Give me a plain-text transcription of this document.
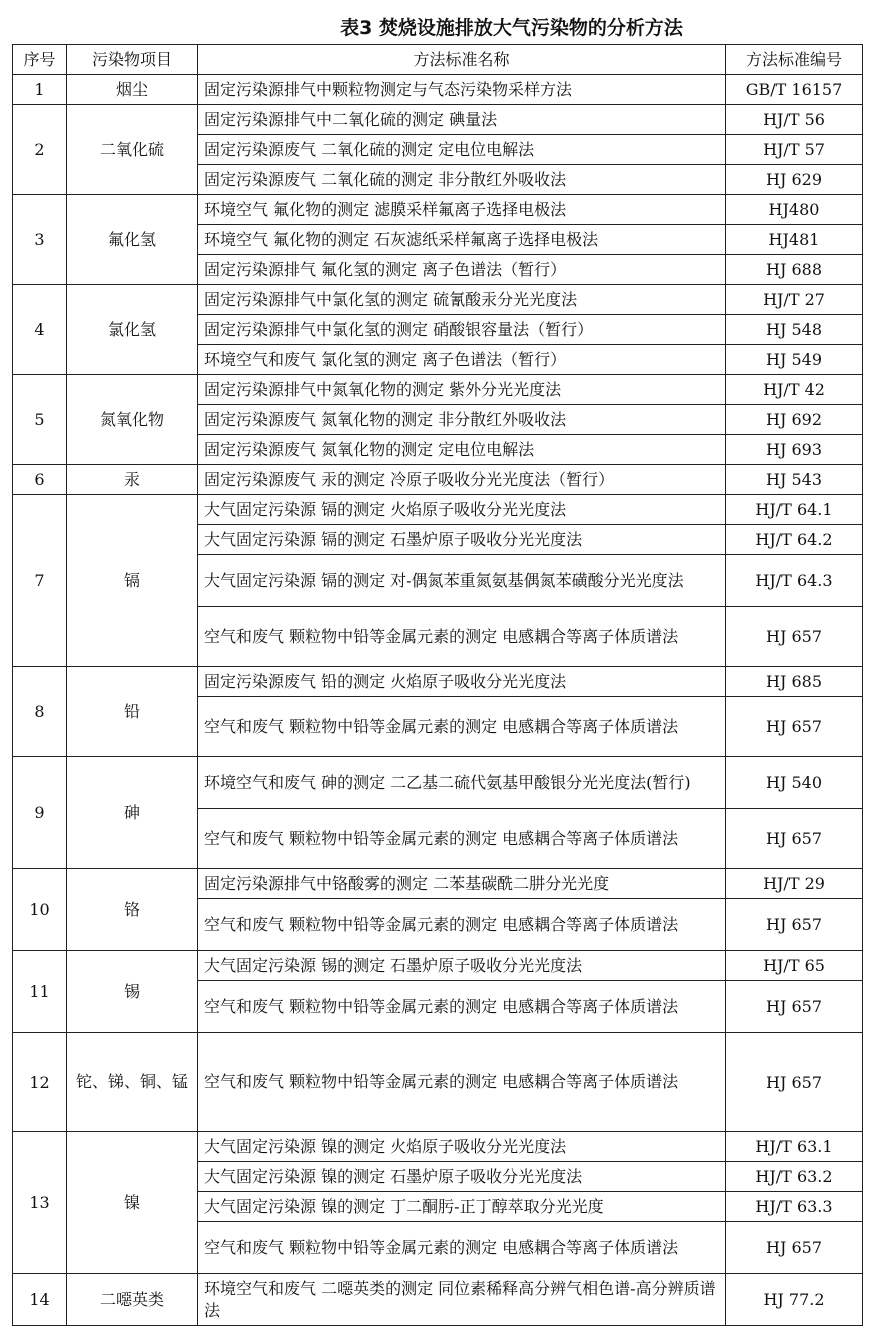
表3 焚烧设施排放大气污染物的分析方法
序号	污染物项目	方法标准名称	方法标准编号
1	烟尘	固定污染源排气中颗粒物测定与气态污染物采样方法	GB/T 16157
2	二氧化硫	固定污染源排气中二氧化硫的测定 碘量法	HJ/T 56
		固定污染源废气 二氧化硫的测定 定电位电解法	HJ/T 57
		固定污染源废气 二氧化硫的测定 非分散红外吸收法	HJ 629
3	氟化氢	环境空气 氟化物的测定 滤膜采样氟离子选择电极法	HJ480
		环境空气 氟化物的测定 石灰滤纸采样氟离子选择电极法	HJ481
		固定污染源排气 氟化氢的测定 离子色谱法（暂行）	HJ 688
4	氯化氢	固定污染源排气中氯化氢的测定 硫氰酸汞分光光度法	HJ/T 27
		固定污染源排气中氯化氢的测定 硝酸银容量法（暂行）	HJ 548
		环境空气和废气 氯化氢的测定 离子色谱法（暂行）	HJ 549
5	氮氧化物	固定污染源排气中氮氧化物的测定 紫外分光光度法	HJ/T 42
		固定污染源废气 氮氧化物的测定 非分散红外吸收法	HJ 692
		固定污染源废气 氮氧化物的测定 定电位电解法	HJ 693
6	汞	固定污染源废气 汞的测定 冷原子吸收分光光度法（暂行）	HJ 543
7	镉	大气固定污染源 镉的测定 火焰原子吸收分光光度法	HJ/T 64.1
		大气固定污染源 镉的测定 石墨炉原子吸收分光光度法	HJ/T 64.2
		大气固定污染源 镉的测定 对-偶氮苯重氮氨基偶氮苯磺酸分光光度法	HJ/T 64.3
		空气和废气 颗粒物中铅等金属元素的测定 电感耦合等离子体质谱法	HJ 657
8	铅	固定污染源废气 铅的测定 火焰原子吸收分光光度法	HJ 685
		空气和废气 颗粒物中铅等金属元素的测定 电感耦合等离子体质谱法	HJ 657
9	砷	环境空气和废气 砷的测定 二乙基二硫代氨基甲酸银分光光度法(暂行)	HJ 540
		空气和废气 颗粒物中铅等金属元素的测定 电感耦合等离子体质谱法	HJ 657
10	铬	固定污染源排气中铬酸雾的测定 二苯基碳酰二肼分光光度	HJ/T 29
		空气和废气 颗粒物中铅等金属元素的测定 电感耦合等离子体质谱法	HJ 657
11	锡	大气固定污染源 锡的测定 石墨炉原子吸收分光光度法	HJ/T 65
		空气和废气 颗粒物中铅等金属元素的测定 电感耦合等离子体质谱法	HJ 657
12	铊、锑、铜、锰	空气和废气 颗粒物中铅等金属元素的测定 电感耦合等离子体质谱法	HJ 657
13	镍	大气固定污染源 镍的测定 火焰原子吸收分光光度法	HJ/T 63.1
		大气固定污染源 镍的测定 石墨炉原子吸收分光光度法	HJ/T 63.2
		大气固定污染源 镍的测定 丁二酮肟-正丁醇萃取分光光度	HJ/T 63.3
		空气和废气 颗粒物中铅等金属元素的测定 电感耦合等离子体质谱法	HJ 657
14	二噁英类	环境空气和废气 二噁英类的测定 同位素稀释高分辨气相色谱-高分辨质谱法	HJ 77.2
